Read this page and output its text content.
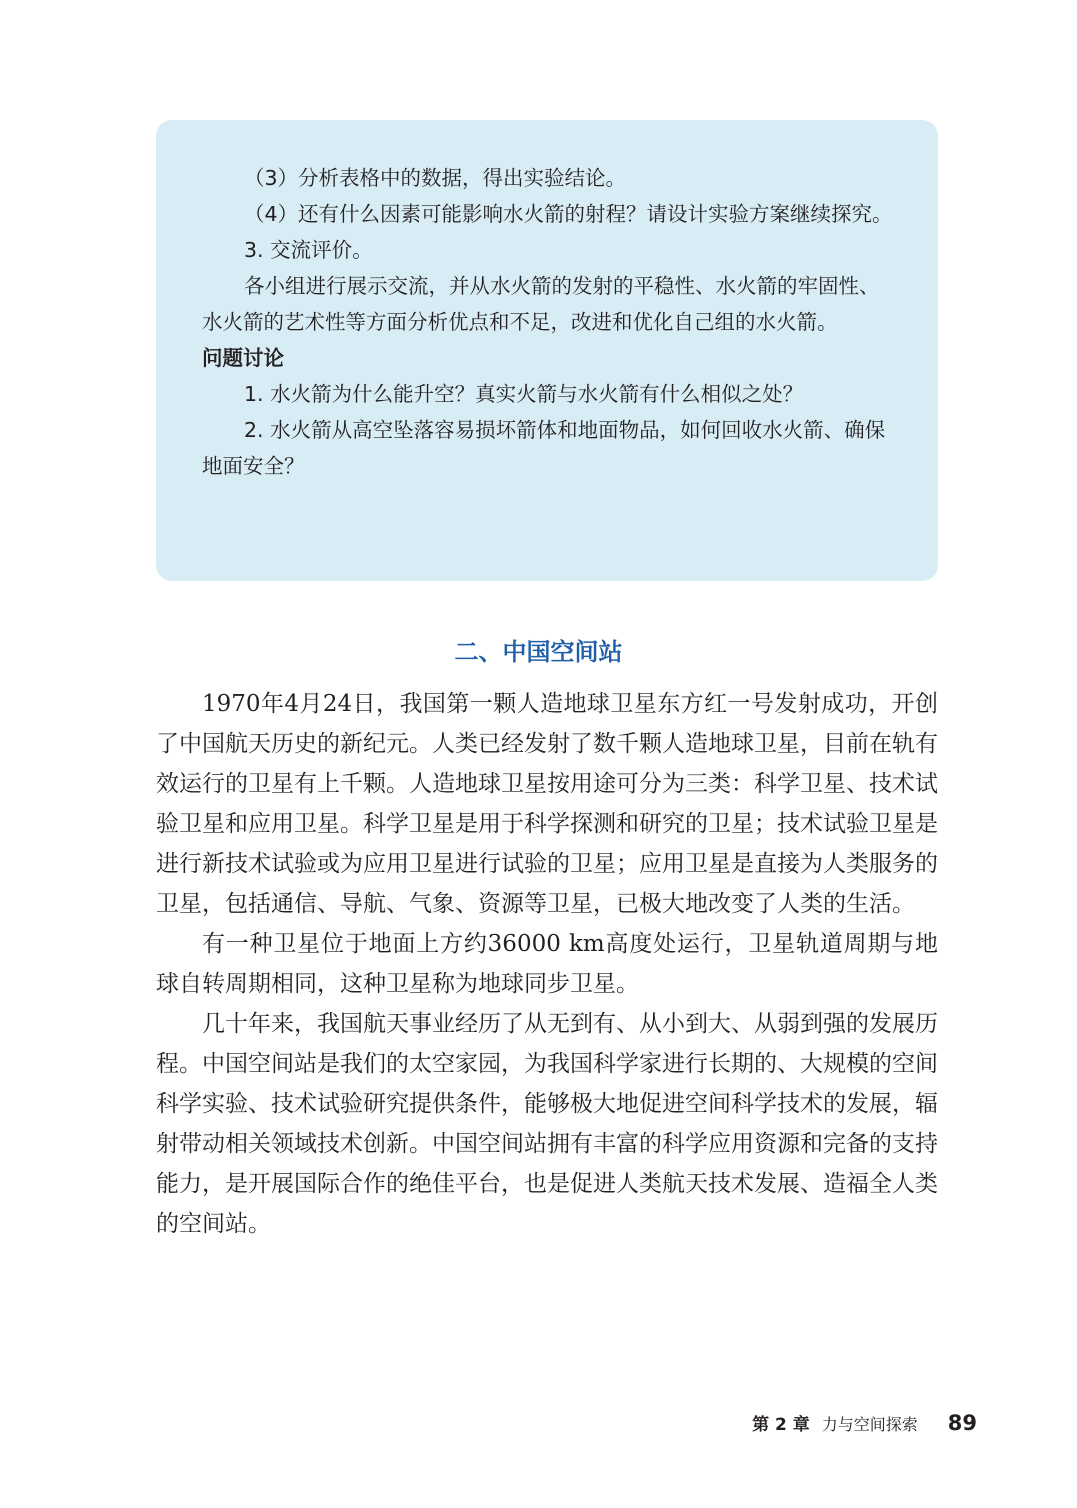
（3）分析表格中的数据，得出实验结论。

（4）还有什么因素可能影响水火箭的射程？请设计实验方案继续探究。

3. 交流评价。

各小组进行展示交流，并从水火箭的发射的平稳性、水火箭的牢固性、水火箭的艺术性等方面分析优点和不足，改进和优化自己组的水火箭。

问题讨论

1. 水火箭为什么能升空？真实火箭与水火箭有什么相似之处？

2. 水火箭从高空坠落容易损坏箭体和地面物品，如何回收水火箭、确保地面安全？

二、中国空间站

1970年4月24日，我国第一颗人造地球卫星东方红一号发射成功，开创了中国航天历史的新纪元。人类已经发射了数千颗人造地球卫星，目前在轨有效运行的卫星有上千颗。人造地球卫星按用途可分为三类：科学卫星、技术试验卫星和应用卫星。科学卫星是用于科学探测和研究的卫星；技术试验卫星是进行新技术试验或为应用卫星进行试验的卫星；应用卫星是直接为人类服务的卫星，包括通信、导航、气象、资源等卫星，已极大地改变了人类的生活。

有一种卫星位于地面上方约36000 km高度处运行，卫星轨道周期与地球自转周期相同，这种卫星称为地球同步卫星。

几十年来，我国航天事业经历了从无到有、从小到大、从弱到强的发展历程。中国空间站是我们的太空家园，为我国科学家进行长期的、大规模的空间科学实验、技术试验研究提供条件，能够极大地促进空间科学技术的发展，辐射带动相关领域技术创新。中国空间站拥有丰富的科学应用资源和完备的支持能力，是开展国际合作的绝佳平台，也是促进人类航天技术发展、造福全人类的空间站。

第 2 章 力与空间探索 89
